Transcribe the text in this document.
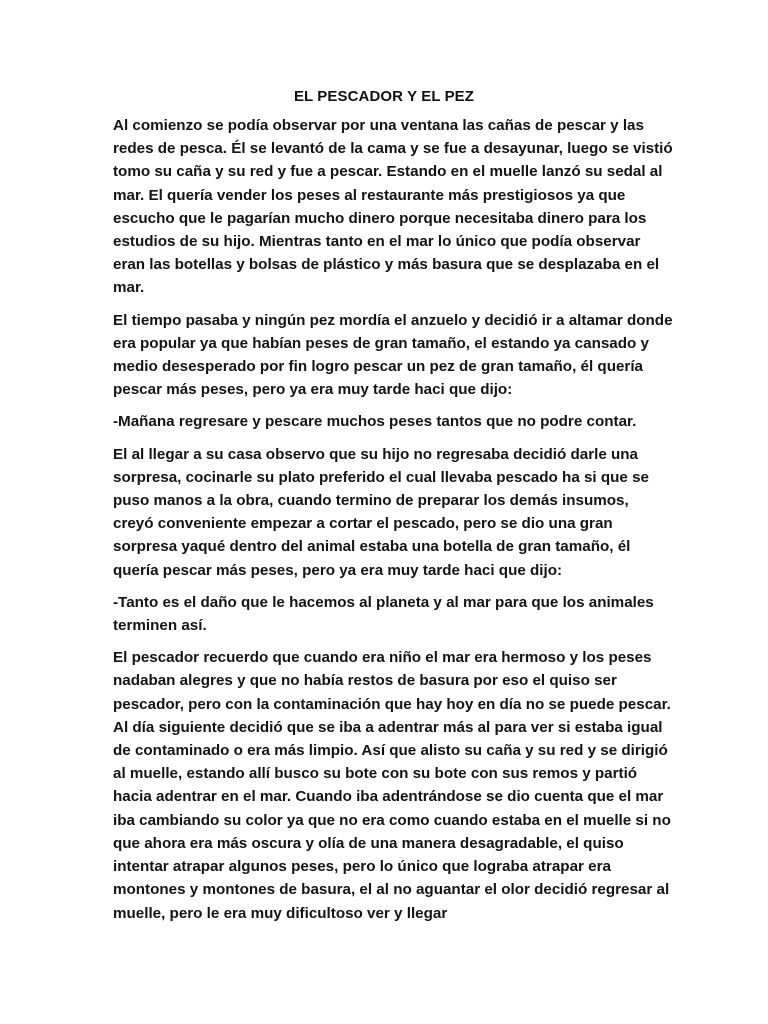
EL PESCADOR Y EL PEZ

Al comienzo se podía observar por una ventana las cañas de pescar y las redes de pesca. Él se levantó de la cama y se fue a desayunar, luego se vistió tomo su caña y su red y fue a pescar. Estando en el muelle lanzó su sedal al mar. El quería vender los peses al restaurante más prestigiosos ya que escucho que le pagarían mucho dinero porque necesitaba dinero para los estudios de su hijo. Mientras tanto en el mar lo único que podía observar eran las botellas y bolsas de plástico y más basura que se desplazaba en el mar.

El tiempo pasaba y ningún pez mordía el anzuelo y decidió ir a altamar donde era popular ya que habían peses de gran tamaño, el estando ya cansado y medio desesperado por fin logro pescar un pez de gran tamaño, él quería pescar más peses, pero ya era muy tarde haci que dijo:

-Mañana regresare y pescare muchos peses tantos que no podre contar.

El al llegar a su casa observo que su hijo no regresaba decidió darle una sorpresa, cocinarle su plato preferido el cual llevaba pescado ha si que se puso manos a la obra, cuando termino de preparar los demás insumos, creyó conveniente empezar a cortar el pescado, pero se dio una gran sorpresa yaqué dentro del animal estaba una botella de gran tamaño, él quería pescar más peses, pero ya era muy tarde haci que dijo:

-Tanto es el daño que le hacemos al planeta y al mar para que los animales terminen así.

El pescador recuerdo que cuando era niño el mar era hermoso y los peses nadaban alegres y que no había restos de basura por eso el quiso ser pescador, pero con la contaminación que hay hoy en día no se puede pescar. Al día siguiente decidió que se iba a adentrar más al para ver si estaba igual de contaminado o era más limpio. Así que alisto su caña y su red y se dirigió al muelle, estando allí busco su bote con su bote con sus remos y partió hacia adentrar en el mar. Cuando iba adentrándose se dio cuenta que el mar iba cambiando su color ya que no era como cuando estaba en el muelle si no que ahora era más oscura y olía de una manera desagradable, el quiso intentar atrapar algunos peses, pero lo único que lograba atrapar era montones y montones de basura, el al no aguantar el olor decidió regresar al muelle, pero le era muy dificultoso ver y llegar
